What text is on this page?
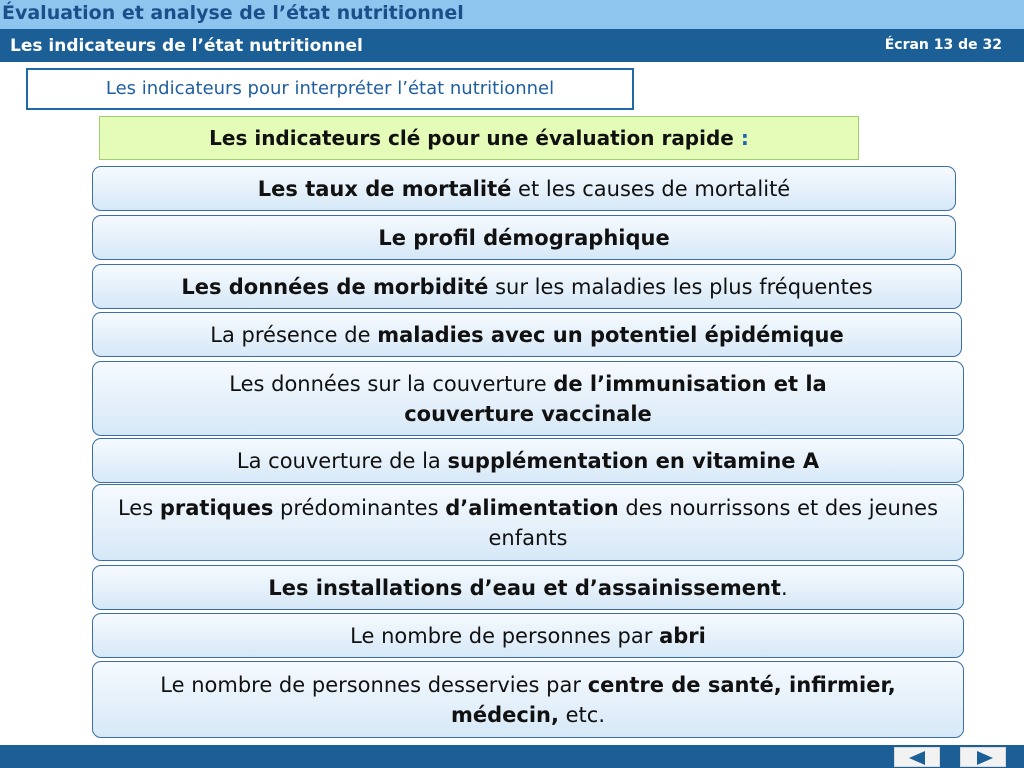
Évaluation et analyse de l’état nutritionnel
Les indicateurs de l’état nutritionnel	Écran 13 de 32
Les indicateurs pour interpréter l’état nutritionnel
Les indicateurs clé pour une évaluation rapide :
Les taux de mortalité et les causes de mortalité
Le profil démographique
Les données de morbidité sur les maladies les plus fréquentes
La présence de maladies avec un potentiel épidémique
Les données sur la couverture de l’immunisation et la couverture vaccinale
La couverture de la supplémentation en vitamine A
Les pratiques prédominantes d’alimentation des nourrissons et des jeunes enfants
Les installations d’eau et d’assainissement.
Le nombre de personnes par abri
Le nombre de personnes desservies par centre de santé, infirmier, médecin, etc.
